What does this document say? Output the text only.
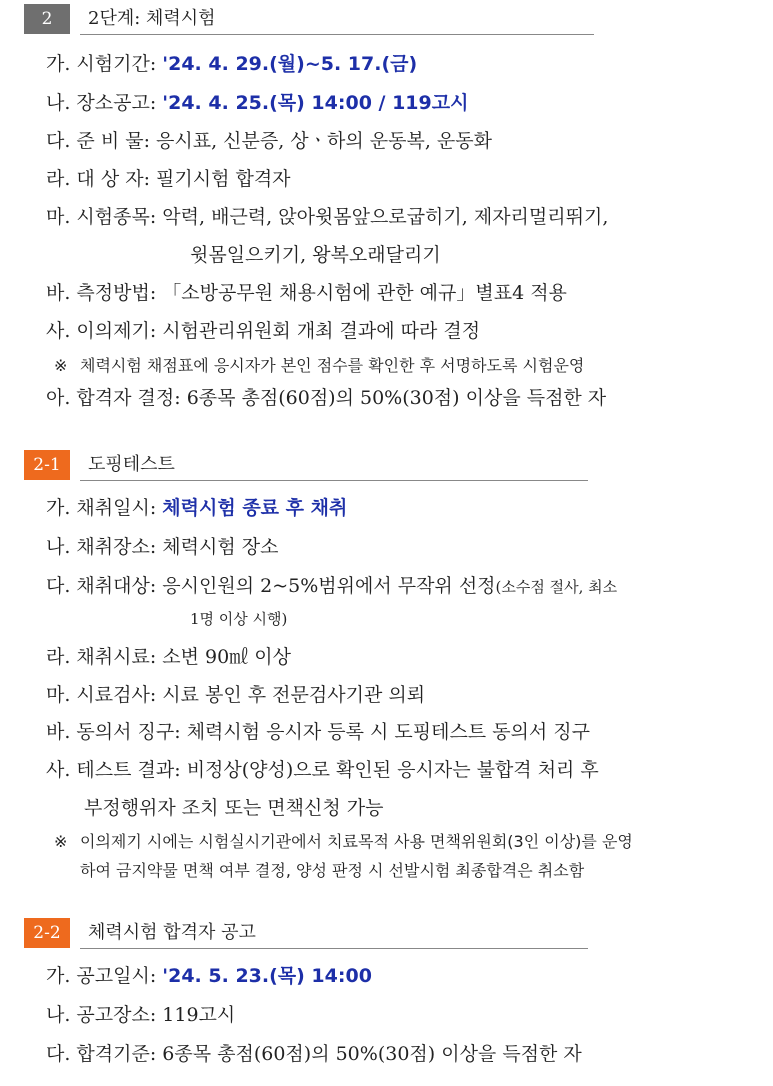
2	2단계: 체력시험
가. 시험기간: '24. 4. 29.(월)~5. 17.(금)
나. 장소공고: '24. 4. 25.(목) 14:00 / 119고시
다. 준 비 물: 응시표, 신분증, 상ㆍ하의 운동복, 운동화
라. 대 상 자: 필기시험 합격자
마. 시험종목: 악력, 배근력, 앉아윗몸앞으로굽히기, 제자리멀리뛰기,
윗몸일으키기, 왕복오래달리기
바. 측정방법: 「소방공무원 채용시험에 관한 예규」별표4 적용
사. 이의제기: 시험관리위원회 개최 결과에 따라 결정
※ 체력시험 채점표에 응시자가 본인 점수를 확인한 후 서명하도록 시험운영
아. 합격자 결정: 6종목 총점(60점)의 50%(30점) 이상을 득점한 자
2-1	도핑테스트
가. 채취일시: 체력시험 종료 후 채취
나. 채취장소: 체력시험 장소
다. 채취대상: 응시인원의 2~5%범위에서 무작위 선정(소수점 절사, 최소
1명 이상 시행)
라. 채취시료: 소변 90㎖ 이상
마. 시료검사: 시료 봉인 후 전문검사기관 의뢰
바. 동의서 징구: 체력시험 응시자 등록 시 도핑테스트 동의서 징구
사. 테스트 결과: 비정상(양성)으로 확인된 응시자는 불합격 처리 후
부정행위자 조치 또는 면책신청 가능
※ 이의제기 시에는 시험실시기관에서 치료목적 사용 면책위원회(3인 이상)를 운영
하여 금지약물 면책 여부 결정, 양성 판정 시 선발시험 최종합격은 취소함
2-2	체력시험 합격자 공고
가. 공고일시: '24. 5. 23.(목) 14:00
나. 공고장소: 119고시
다. 합격기준: 6종목 총점(60점)의 50%(30점) 이상을 득점한 자
